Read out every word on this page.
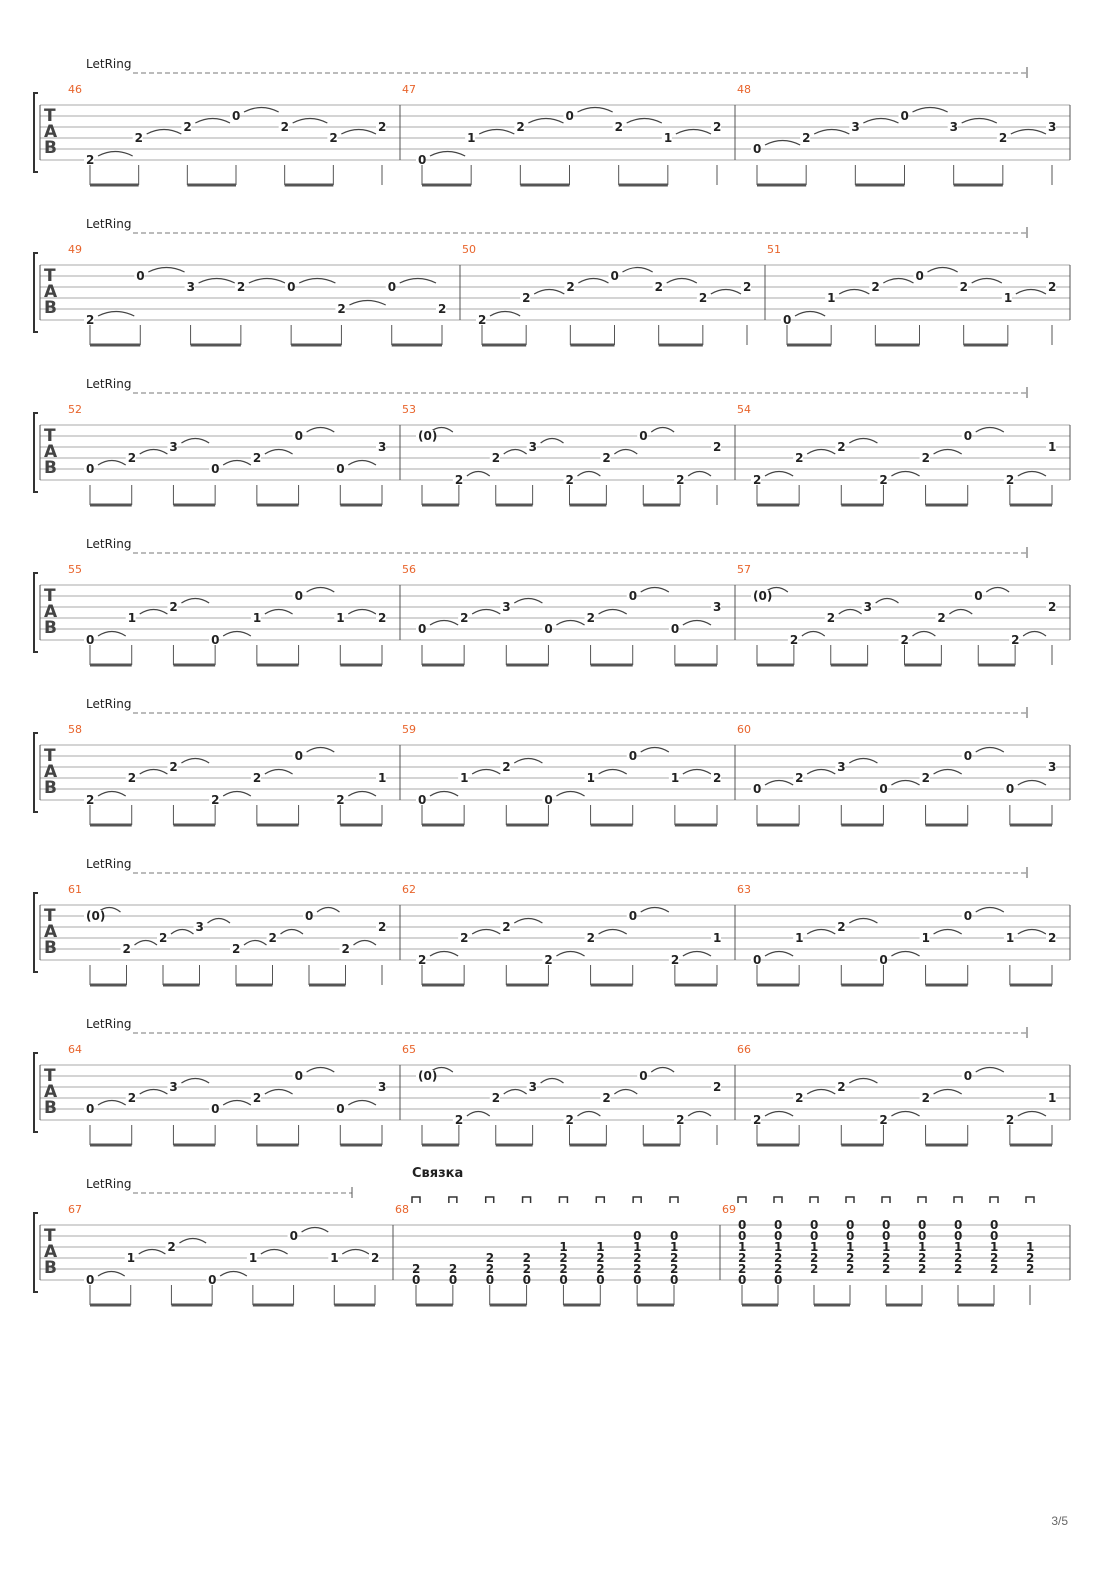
LetRing
T
A
B
46
2
2
2
0
2
2
2
47
0
1
2
0
2
1
2
48
0
2
3
0
3
2
3
LetRing
T
A
B
49
2
0
3	2	0
2
0
2
50
2
2
2
0
2
2
2
51
0
1
2
0
2
1
2
LetRing
T
A
B
52
0
2
3
0
2
0
0
3
53
(0)
2
2
3
2
2
0
2
2
54
2
2
2
2
2
0
2
1
LetRing
T
A
B
55
0
1
2
0
1
0
1	2
56
0
2
3
0
2
0
0
3
57
(0)
2
2
3
2
2
0
2
2
LetRing
T
A
B
58
2
2
2
2
2
0
2
1
59
0
1
2
0
1
0
1	2
60
0
2
3
0
2
0
0
3
LetRing
T
A
B
61
(0)
2
2
3
2
2
0
2
2
62
2
2
2
2
2
0
2
1
63
0
1
2
0
1
0
1	2
LetRing
T
A
B
64
0
2
3
0
2
0
0
3
65
(0)
2
2
3
2
2
0
2
2
66
2
2
2
2
2
0
2
1
LetRing
T
A
B
67
0
1
2
0
1
0
1	2
68	69
Связка
0
2
0
2
0
2
2
0
2
2
0
2
2
1
0
2
2
1
0
2
2
1
0
0
2
2
1
0
0
2
2
1
0
0
0
2
2
1
0
0
2
2
1
0
0
2
2
1
0
0
2
2
1
0
0
2
2
1
0
0
2
2
1
0
0
2
2
1
0
0
2
2
1
3/5
